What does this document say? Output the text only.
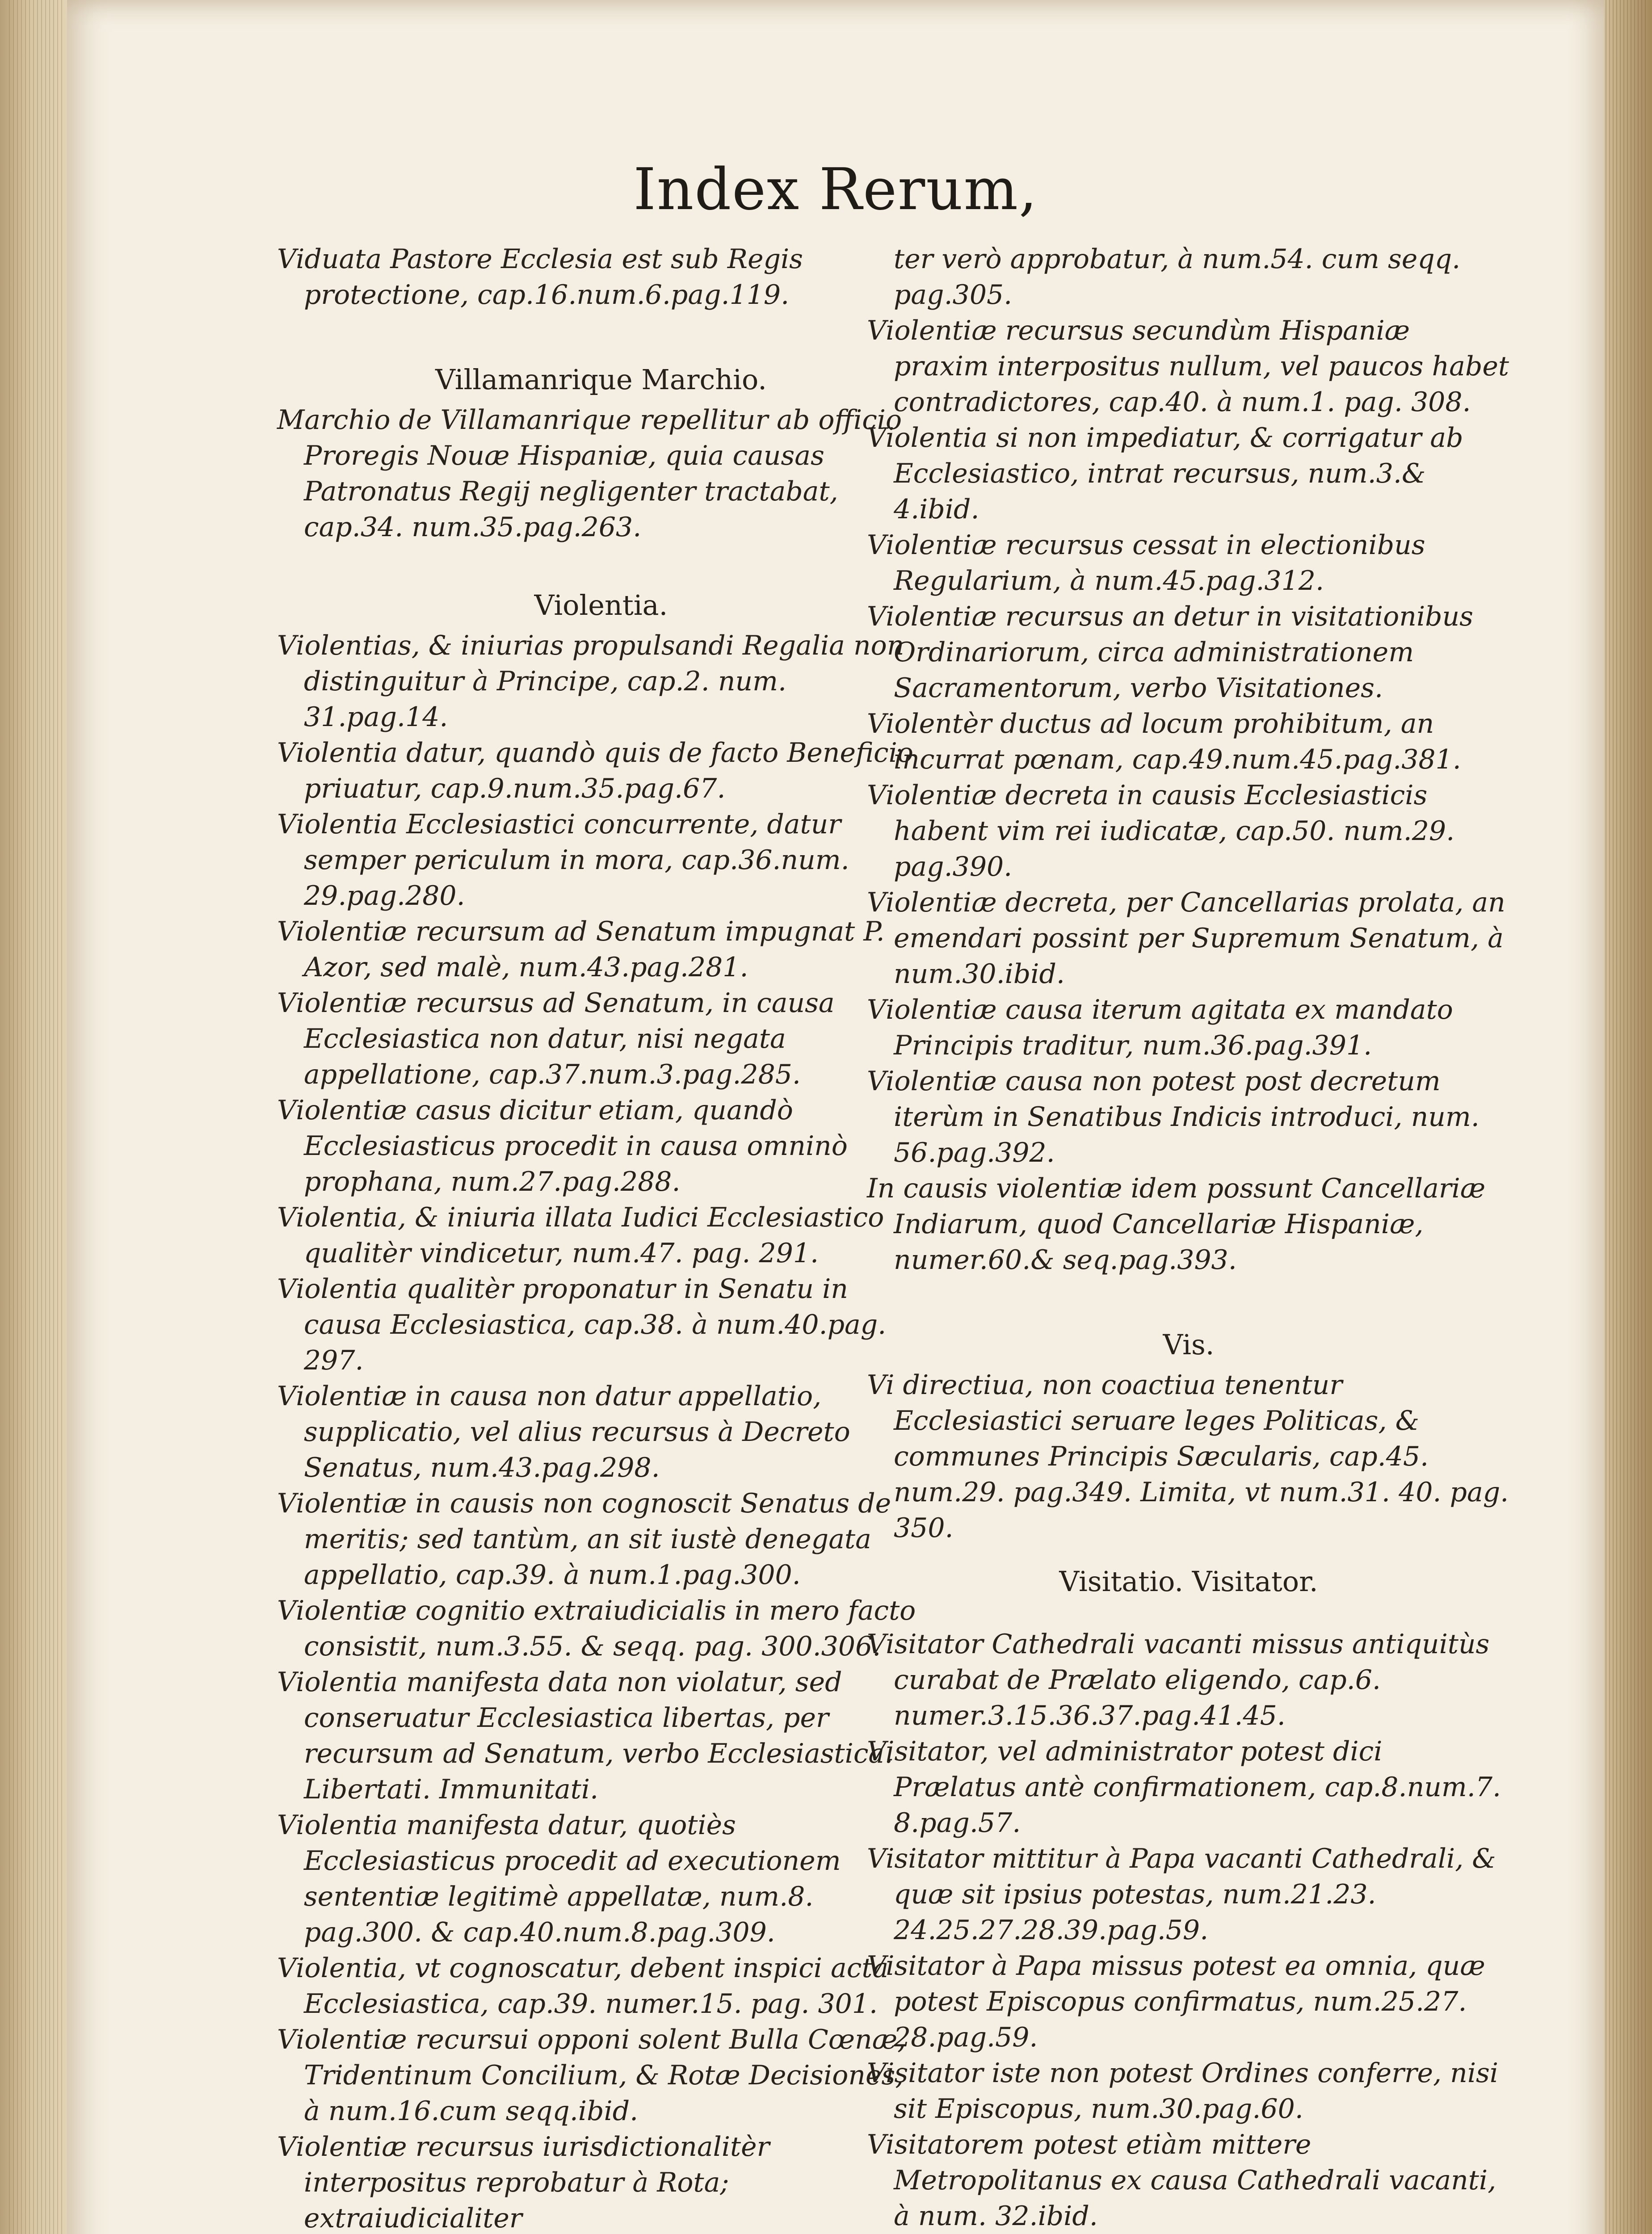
Index Rerum,

Viduata Pastore Ecclesia est sub Regis protectione, cap.16.num.6.pag.119.

Villamanrique Marchio.

Marchio de Villamanrique repellitur ab officio Proregis Nouæ Hispaniæ, quia causas Patronatus Regij negligenter tractabat, cap.34. num.35.pag.263.

Violentia.

Violentias, & iniurias propulsandi Regalia non distinguitur à Principe, cap.2. num. 31.pag.14.

Violentia datur, quandò quis de facto Beneficio priuatur, cap.9.num.35.pag.67.

Violentia Ecclesiastici concurrente, datur semper periculum in mora, cap.36.num. 29.pag.280.

Violentiæ recursum ad Senatum impugnat P. Azor, sed malè, num.43.pag.281.

Violentiæ recursus ad Senatum, in causa Ecclesiastica non datur, nisi negata appellatione, cap.37.num.3.pag.285.

Violentiæ casus dicitur etiam, quandò Ecclesiasticus procedit in causa omninò prophana, num.27.pag.288.

Violentia, & iniuria illata Iudici Ecclesiastico qualitèr vindicetur, num.47. pag. 291.

Violentia qualitèr proponatur in Senatu in causa Ecclesiastica, cap.38. à num.40.pag. 297.

Violentiæ in causa non datur appellatio, supplicatio, vel alius recursus à Decreto Senatus, num.43.pag.298.

Violentiæ in causis non cognoscit Senatus de meritis; sed tantùm, an sit iustè denegata appellatio, cap.39. à num.1.pag.300.

Violentiæ cognitio extraiudicialis in mero facto consistit, num.3.55. & seqq. pag. 300.306.

Violentia manifesta data non violatur, sed conseruatur Ecclesiastica libertas, per recursum ad Senatum, verbo Ecclesiastica. Libertati. Immunitati.

Violentia manifesta datur, quotiès Ecclesiasticus procedit ad executionem sententiæ legitimè appellatæ, num.8. pag.300. & cap.40.num.8.pag.309.

Violentia, vt cognoscatur, debent inspici acta Ecclesiastica, cap.39. numer.15. pag. 301.

Violentiæ recursui opponi solent Bulla Cœnæ, Tridentinum Concilium, & Rotæ Decisiones, à num.16.cum seqq.ibid.

Violentiæ recursus iurisdictionalitèr interpositus reprobatur à Rota; extraiudicialiter

ter verò approbatur, à num.54. cum seqq. pag.305.

Violentiæ recursus secundùm Hispaniæ praxim interpositus nullum, vel paucos habet contradictores, cap.40. à num.1. pag. 308.

Violentia si non impediatur, & corrigatur ab Ecclesiastico, intrat recursus, num.3.& 4.ibid.

Violentiæ recursus cessat in electionibus Regularium, à num.45.pag.312.

Violentiæ recursus an detur in visitationibus Ordinariorum, circa administrationem Sacramentorum, verbo Visitationes.

Violentèr ductus ad locum prohibitum, an incurrat pœnam, cap.49.num.45.pag.381.

Violentiæ decreta in causis Ecclesiasticis habent vim rei iudicatæ, cap.50. num.29. pag.390.

Violentiæ decreta, per Cancellarias prolata, an emendari possint per Supremum Senatum, à num.30.ibid.

Violentiæ causa iterum agitata ex mandato Principis traditur, num.36.pag.391.

Violentiæ causa non potest post decretum iterùm in Senatibus Indicis introduci, num. 56.pag.392.

In causis violentiæ idem possunt Cancellariæ Indiarum, quod Cancellariæ Hispaniæ, numer.60.& seq.pag.393.

Vis.

Vi directiua, non coactiua tenentur Ecclesiastici seruare leges Politicas, & communes Principis Sæcularis, cap.45. num.29. pag.349. Limita, vt num.31. 40. pag. 350.

Visitatio. Visitator.

Visitator Cathedrali vacanti missus antiquitùs curabat de Prælato eligendo, cap.6. numer.3.15.36.37.pag.41.45.

Visitator, vel administrator potest dici Prælatus antè confirmationem, cap.8.num.7. 8.pag.57.

Visitator mittitur à Papa vacanti Cathedrali, & quæ sit ipsius potestas, num.21.23. 24.25.27.28.39.pag.59.

Visitator à Papa missus potest ea omnia, quæ potest Episcopus confirmatus, num.25.27. 28.pag.59.

Visitator iste non potest Ordines conferre, nisi sit Episcopus, num.30.pag.60.

Visitatorem potest etiàm mittere Metropolitanus ex causa Cathedrali vacanti, à num. 32.ibid.
